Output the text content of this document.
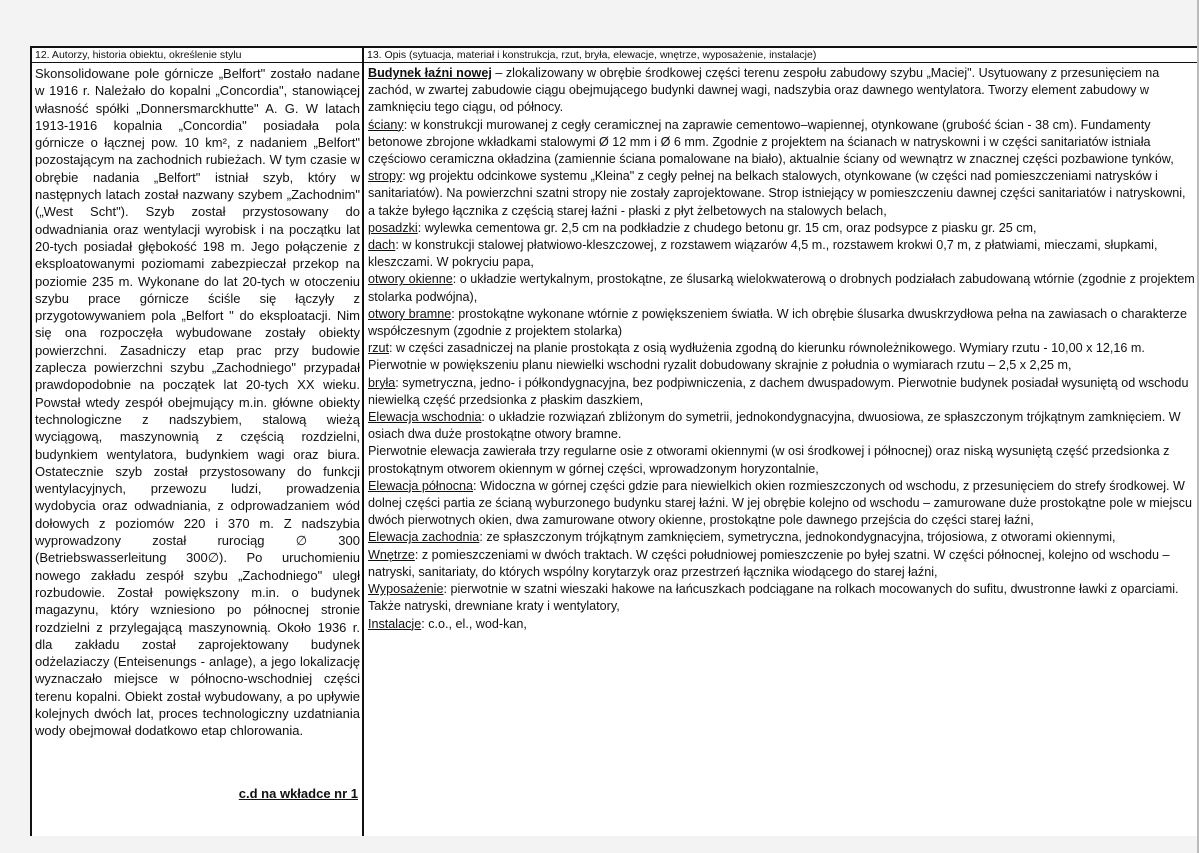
12. Autorzy, historia obiektu, określenie stylu
Skonsolidowane pole górnicze „Belfort" zostało nadane w 1916 r. Należało do kopalni „Concordia", stanowiącej własność spółki „Donnersmarckhutte" A. G. W latach 1913-1916 kopalnia „Concordia" posiadała pola górnicze o łącznej pow. 10 km², z nadaniem „Belfort" pozostającym na zachodnich rubieżach. W tym czasie w obrębie nadania „Belfort" istniał szyb, który w następnych latach został nazwany szybem „Zachodnim" („West Scht"). Szyb został przystosowany do odwadniania oraz wentylacji wyrobisk i na początku lat 20-tych posiadał głębokość 198 m. Jego połączenie z eksploatowanymi poziomami zabezpieczał przekop na poziomie 235 m. Wykonane do lat 20-tych w otoczeniu szybu prace górnicze ściśle się łączyły z przygotowywaniem pola „Belfort " do eksploatacji. Nim się ona rozpoczęła wybudowane zostały obiekty powierzchni. Zasadniczy etap prac przy budowie zaplecza powierzchni szybu „Zachodniego" przypadał prawdopodobnie na początek lat 20-tych XX wieku. Powstał wtedy zespół obejmujący m.in. główne obiekty technologiczne z nadszybiem, stalową wieżą wyciągową, maszynownią z częścią rozdzielni, budynkiem wentylatora, budynkiem wagi oraz biura. Ostatecznie szyb został przystosowany do funkcji wentylacyjnych, przewozu ludzi, prowadzenia wydobycia oraz odwadniania, z odprowadzaniem wód dołowych z poziomów 220 i 370 m. Z nadszybia wyprowadzony został rurociąg ∅ 300 (Betriebswasserleitung 300∅). Po uruchomieniu nowego zakładu zespół szybu „Zachodniego" uległ rozbudowie. Został powiększony m.in. o budynek magazynu, który wzniesiono po północnej stronie rozdzielni z przylegającą maszynownią. Około 1936 r. dla zakładu został zaprojektowany budynek odżelaziaczy (Enteisenungs - anlage), a jego lokalizację wyznaczało miejsce w północno-wschodniej części terenu kopalni. Obiekt został wybudowany, a po upływie kolejnych dwóch lat, proces technologiczny uzdatniania wody obejmował dodatkowo etap chlorowania.
c.d na wkładce nr 1
13. Opis (sytuacja, materiał i konstrukcja, rzut, bryła, elewacje, wnętrze, wyposażenie, instalacje)

Budynek łaźni nowej – zlokalizowany w obrębie środkowej części terenu zespołu zabudowy szybu „Maciej". Usytuowany z przesunięciem na zachód, w zwartej zabudowie ciągu obejmującego budynki dawnej wagi, nadszybia oraz dawnego wentylatora. Tworzy element zabudowy w zamknięciu tego ciągu, od północy.

ściany: w konstrukcji murowanej z cegły ceramicznej na zaprawie cementowo–wapiennej, otynkowane (grubość ścian - 38 cm). Fundamenty betonowe zbrojone wkładkami stalowymi Ø 12 mm i Ø 6 mm. Zgodnie z projektem na ścianach w natryskowni i w części sanitariatów istniała częściowo ceramiczna okładzina (zamiennie ściana pomalowane na biało), aktualnie ściany od wewnątrz w znacznej części pozbawione tynków,

stropy: wg projektu odcinkowe systemu „Kleina" z cegły pełnej na belkach stalowych, otynkowane (w części nad pomieszczeniami natrysków i sanitariatów). Na powierzchni szatni stropy nie zostały zaprojektowane. Strop istniejący w pomieszczeniu dawnej części sanitariatów i natryskowni, a także byłego łącznika z częścią starej łaźni - płaski z płyt żelbetowych na stalowych belach,

posadzki: wylewka cementowa gr. 2,5 cm na podkładzie z chudego betonu gr. 15 cm, oraz podsypce z piasku gr. 25 cm,

dach: w konstrukcji stalowej płatwiowo-kleszczowej, z rozstawem wiązarów 4,5 m., rozstawem krokwi 0,7 m, z płatwiami, mieczami, słupkami, kleszczami. W pokryciu papa,

otwory okienne: o układzie wertykalnym, prostokątne, ze ślusarką wielokwaterową o drobnych podziałach zabudowaną wtórnie (zgodnie z projektem stolarka podwójna),

otwory bramne: prostokątne wykonane wtórnie z powiększeniem światła. W ich obrębie ślusarka dwuskrzydłowa pełna na zawiasach o charakterze współczesnym (zgodnie z projektem stolarka)

rzut: w części zasadniczej na planie prostokąta z osią wydłużenia zgodną do kierunku równoleżnikowego. Wymiary rzutu - 10,00 x 12,16 m. Pierwotnie w powiększeniu planu niewielki wschodni ryzalit dobudowany skrajnie z południa o wymiarach rzutu – 2,5 x 2,25 m,

bryła: symetryczna, jedno- i półkondygnacyjna, bez podpiwniczenia, z dachem dwuspadowym. Pierwotnie budynek posiadał wysuniętą od wschodu niewielką część przedsionka z płaskim daszkiem,

Elewacja wschodnia: o układzie rozwiązań zbliżonym do symetrii, jednokondygnacyjna, dwuosiowa, ze spłaszczonym trójkątnym zamknięciem. W osiach dwa duże prostokątne otwory bramne.

Pierwotnie elewacja zawierała trzy regularne osie z otworami okiennymi (w osi środkowej i północnej) oraz niską wysuniętą część przedsionka z prostokątnym otworem okiennym w górnej części, wprowadzonym horyzontalnie,

Elewacja północna: Widoczna w górnej części gdzie para niewielkich okien rozmieszczonych od wschodu, z przesunięciem do strefy środkowej. W dolnej części partia ze ścianą wyburzonego budynku starej łaźni. W jej obrębie kolejno od wschodu – zamurowane duże prostokątne pole w miejscu dwóch pierwotnych okien, dwa zamurowane otwory okienne, prostokątne pole dawnego przejścia do części starej łaźni,

Elewacja zachodnia: ze spłaszczonym trójkątnym zamknięciem, symetryczna, jednokondygnacyjna, trójosiowa, z otworami okiennymi,

Wnętrze: z pomieszczeniami w dwóch traktach. W części południowej pomieszczenie po byłej szatni. W części północnej, kolejno od wschodu – natryski, sanitariaty, do których wspólny korytarzyk oraz przestrzeń łącznika wiodącego do starej łaźni,

Wyposażenie: pierwotnie w szatni wieszaki hakowe na łańcuszkach podciągane na rolkach mocowanych do sufitu, dwustronne ławki z oparciami. Także natryski, drewniane kraty i wentylatory,

Instalacje: c.o., el., wod-kan,
